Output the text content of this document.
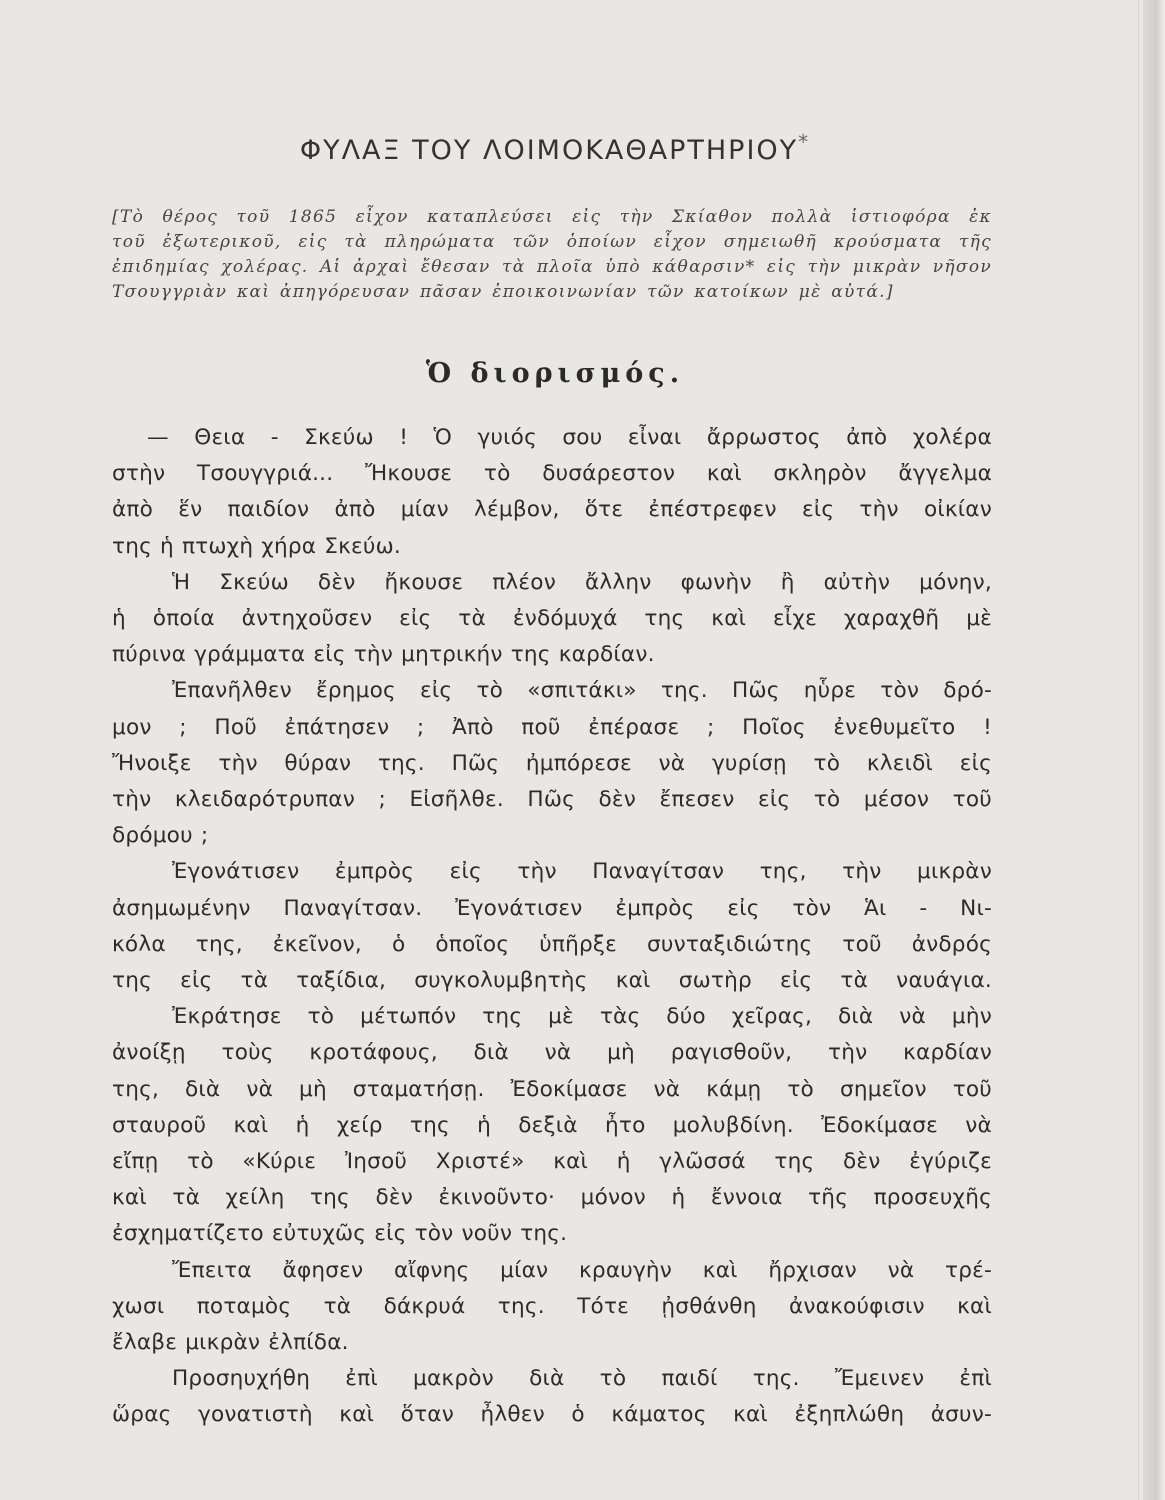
ΦΥΛΑΞ ΤΟΥ ΛΟΙΜΟΚΑΘΑΡΤΗΡΙΟΥ*
[Τὸ θέρος τοῦ 1865 εἶχον καταπλεύσει εἰς τὴν Σκίαθον πολλὰ ἱστιοφόρα ἐκ
τοῦ ἐξωτερικοῦ, εἰς τὰ πληρώματα τῶν ὁποίων εἶχον σημειωθῆ κρούσματα τῆς
ἐπιδημίας χολέρας. Αἱ ἀρχαὶ ἔθεσαν τὰ πλοῖα ὑπὸ κάθαρσιν* εἰς τὴν μικρὰν νῆσον
Τσουγγριὰν καὶ ἀπηγόρευσαν πᾶσαν ἐποικοινωνίαν τῶν κατοίκων μὲ αὐτά.]
Ὁ διορισμός.
— Θεια - Σκεύω ! Ὁ γυιός σου εἶναι ἄρρωστος ἀπὸ χολέρα
στὴν Τσουγγριά... Ἤκουσε τὸ δυσάρεστον καὶ σκληρὸν ἄγγελμα
ἀπὸ ἕν παιδίον ἀπὸ μίαν λέμβον, ὅτε ἐπέστρεφεν εἰς τὴν οἰκίαν
της ἡ πτωχὴ χήρα Σκεύω.
Ἡ Σκεύω δὲν ἤκουσε πλέον ἄλλην φωνὴν ἢ αὐτὴν μόνην,
ἡ ὁποία ἀντηχοῦσεν εἰς τὰ ἐνδόμυχά της καὶ εἶχε χαραχθῆ μὲ
πύρινα γράμματα εἰς τὴν μητρικήν της καρδίαν.
Ἐπανῆλθεν ἔρημος εἰς τὸ «σπιτάκι» της. Πῶς ηὗρε τὸν δρό-
μον ; Ποῦ ἐπάτησεν ; Ἀπὸ ποῦ ἐπέρασε ; Ποῖος ἐνεθυμεῖτο !
Ἤνοιξε τὴν θύραν της. Πῶς ἠμπόρεσε νὰ γυρίσῃ τὸ κλειδὶ εἰς
τὴν κλειδαρότρυπαν ; Εἰσῆλθε. Πῶς δὲν ἔπεσεν εἰς τὸ μέσον τοῦ
δρόμου ;
Ἐγονάτισεν ἐμπρὸς εἰς τὴν Παναγίτσαν της, τὴν μικρὰν
ἀσημωμένην Παναγίτσαν. Ἐγονάτισεν ἐμπρὸς εἰς τὸν Ἁι - Νι-
κόλα της, ἐκεῖνον, ὁ ὁποῖος ὑπῆρξε συνταξιδιώτης τοῦ ἀνδρός
της εἰς τὰ ταξίδια, συγκολυμβητὴς καὶ σωτὴρ εἰς τὰ ναυάγια.
Ἐκράτησε τὸ μέτωπόν της μὲ τὰς δύο χεῖρας, διὰ νὰ μὴν
ἀνοίξῃ τοὺς κροτάφους, διὰ νὰ μὴ ραγισθοῦν, τὴν καρδίαν
της, διὰ νὰ μὴ σταματήσῃ. Ἐδοκίμασε νὰ κάμῃ τὸ σημεῖον τοῦ
σταυροῦ καὶ ἡ χείρ της ἡ δεξιὰ ἦτο μολυβδίνη. Ἐδοκίμασε νὰ
εἴπῃ τὸ «Κύριε Ἰησοῦ Χριστέ» καὶ ἡ γλῶσσά της δὲν ἐγύριζε
καὶ τὰ χείλη της δὲν ἐκινοῦντο· μόνον ἡ ἔννοια τῆς προσευχῆς
ἐσχηματίζετο εὐτυχῶς εἰς τὸν νοῦν της.
Ἔπειτα ἄφησεν αἴφνης μίαν κραυγὴν καὶ ἤρχισαν νὰ τρέ-
χωσι ποταμὸς τὰ δάκρυά της. Τότε ᾐσθάνθη ἀνακούφισιν καὶ
ἔλαβε μικρὰν ἐλπίδα.
Προσηυχήθη ἐπὶ μακρὸν διὰ τὸ παιδί της. Ἔμεινεν ἐπὶ
ὥρας γονατιστὴ καὶ ὅταν ἦλθεν ὁ κάματος καὶ ἐξηπλώθη ἀσυν-
